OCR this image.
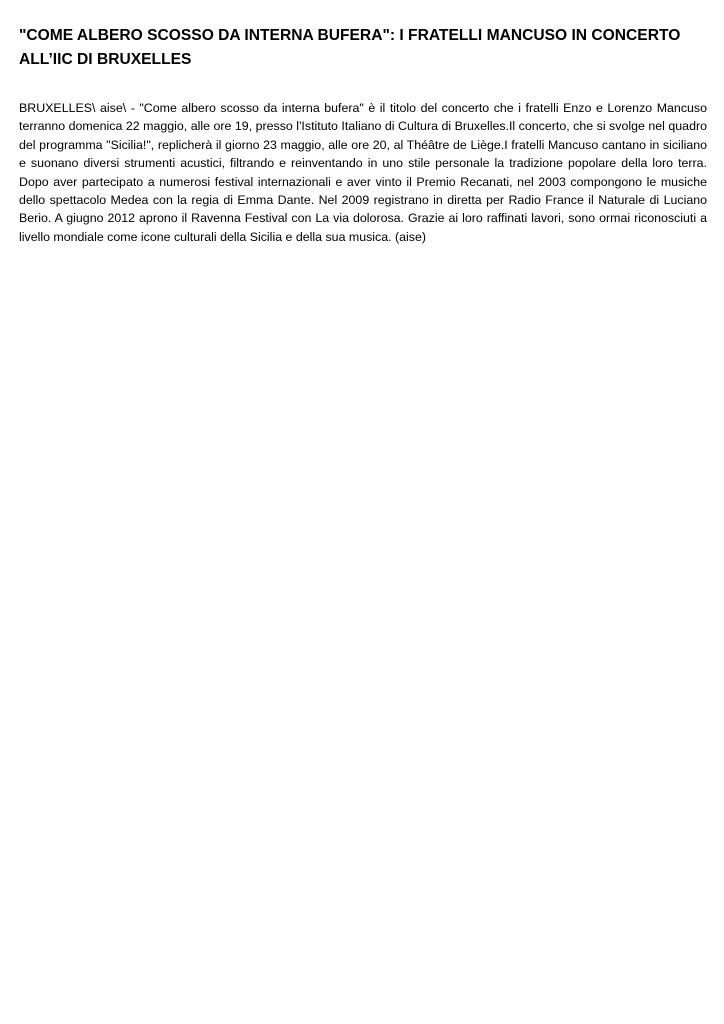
"COME ALBERO SCOSSO DA INTERNA BUFERA": I FRATELLI MANCUSO IN CONCERTO ALL’IIC DI BRUXELLES

BRUXELLES\ aise\ - "Come albero scosso da interna bufera" è il titolo del concerto che i fratelli Enzo e Lorenzo Mancuso terranno domenica 22 maggio, alle ore 19, presso l'Istituto Italiano di Cultura di Bruxelles.Il concerto, che si svolge nel quadro del programma "Sicilia!", replicherà il giorno 23 maggio, alle ore 20, al Théâtre de Liège.I fratelli Mancuso cantano in siciliano e suonano diversi strumenti acustici, filtrando e reinventando in uno stile personale la tradizione popolare della loro terra. Dopo aver partecipato a numerosi festival internazionali e aver vinto il Premio Recanati, nel 2003 compongono le musiche dello spettacolo Medea con la regia di Emma Dante. Nel 2009 registrano in diretta per Radio France il Naturale di Luciano Berio. A giugno 2012 aprono il Ravenna Festival con La via dolorosa. Grazie ai loro raffinati lavori, sono ormai riconosciuti a livello mondiale come icone culturali della Sicilia e della sua musica. (aise)
